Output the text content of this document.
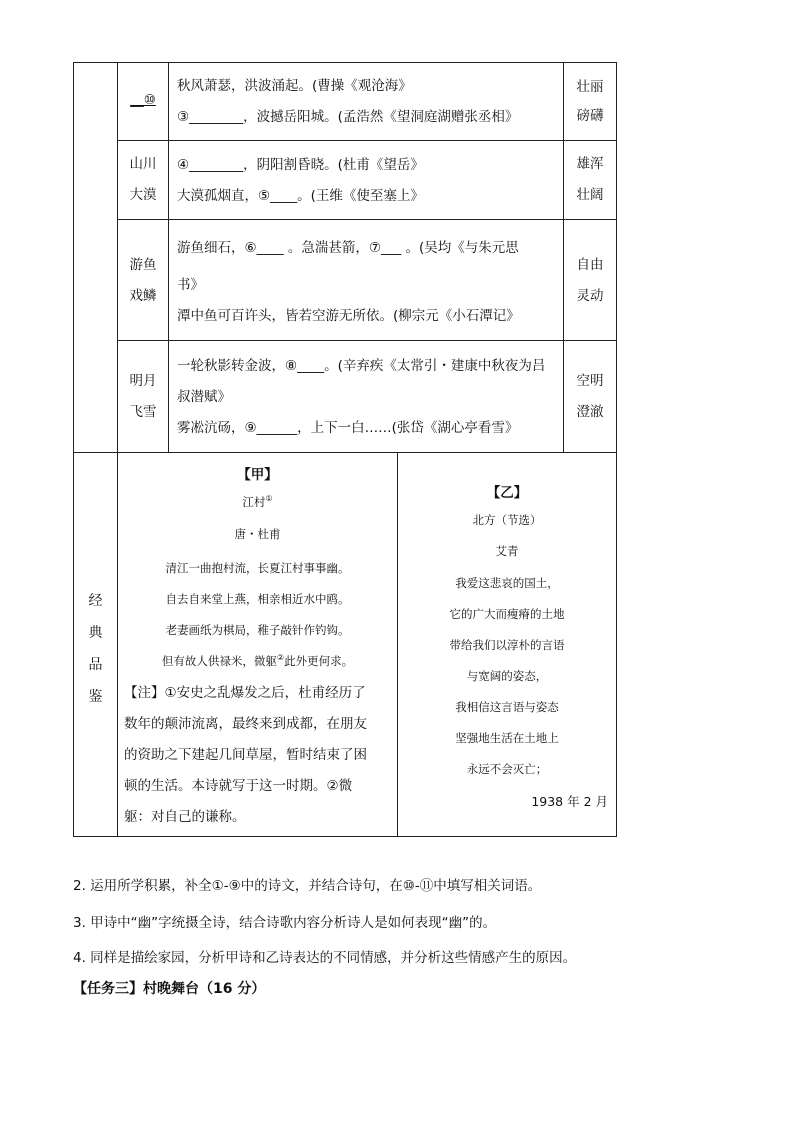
__⑩
秋风萧瑟，洪波涌起。(曹操《观沧海》
③________，波撼岳阳城。(孟浩然《望洞庭湖赠张丞相》
壮丽
磅礴
山川
大漠
④________，阴阳割昏晓。(杜甫《望岳》
大漠孤烟直，⑤____。(王维《使至塞上》
雄浑
壮阔
游鱼
戏鳞
游鱼细石，⑥____ 。急湍甚箭，⑦___ 。(吴均《与朱元思
书》
潭中鱼可百许头，皆若空游无所依。(柳宗元《小石潭记》
自由
灵动
明月
飞雪
一轮秋影转金波，⑧____。(辛弃疾《太常引・建康中秋夜为吕
叔潜赋》
雾凇沆砀，⑨______，上下一白……(张岱《湖心亭看雪》
空明
澄澈
经
典
品
鉴
【甲】
江村①
唐・杜甫
清江一曲抱村流，长夏江村事事幽。
自去自来堂上燕，相亲相近水中鸥。
老妻画纸为棋局，稚子敲针作钓钩。
但有故人供禄米，微躯②此外更何求。
【注】①安史之乱爆发之后，杜甫经历了
数年的颠沛流离，最终来到成都，在朋友
的资助之下建起几间草屋，暂时结束了困
顿的生活。本诗就写于这一时期。②微
躯：对自己的谦称。
【乙】
北方（节选）
艾青
我爱这悲哀的国土，
它的广大而瘦瘠的土地
带给我们以淳朴的言语
与宽阔的姿态，
我相信这言语与姿态
坚强地生活在土地上
永远不会灭亡；
1938 年 2 月
2. 运用所学积累，补全①-⑨中的诗文，并结合诗句，在⑩-⑪中填写相关词语。
3. 甲诗中“幽”字统摄全诗，结合诗歌内容分析诗人是如何表现“幽”的。
4. 同样是描绘家园，分析甲诗和乙诗表达的不同情感，并分析这些情感产生的原因。
【任务三】村晚舞台（16 分）
